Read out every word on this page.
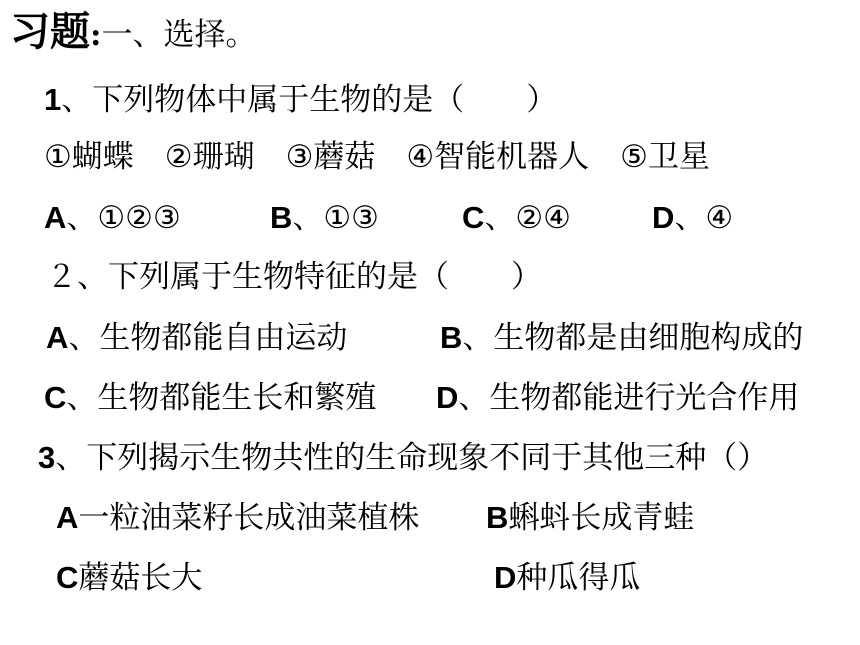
习题:一、选择。
1、下列物体中属于生物的是（　　）
①蝴蝶　②珊瑚　③蘑菇　④智能机器人　⑤卫星
A、①②③	B、①③	C、②④	D、④
２、下列属于生物特征的是（　　）
A、生物都能自由运动	B、生物都是由细胞构成的
C、生物都能生长和繁殖 D、生物都能进行光合作用
3、下列揭示生物共性的生命现象不同于其他三种（）
A一粒油菜籽长成油菜植株 B蝌蚪长成青蛙
C蘑菇长大	D种瓜得瓜
